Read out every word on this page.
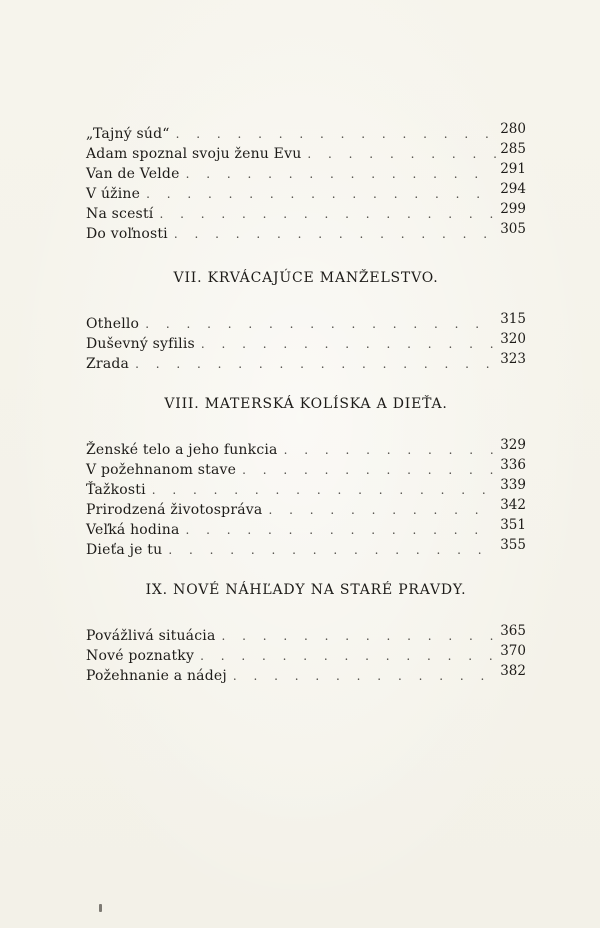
„Tajný súd“ . . .	280
Adam spoznal svoju ženu Evu . . .	285
Van de Velde . . .	291
V úžine . . .	294
Na scestí . . .	299
Do voľnosti . . .	305
VII. KRVÁCAJÚCE MANŽELSTVO.
Othello . . .	315
Duševný syfilis . . .	320
Zrada . . .	323
VIII. MATERSKÁ KOLÍSKA A DIEŤA.
Ženské telo a jeho funkcia . . .	329
V požehnanom stave . . .	336
Ťažkosti . . .	339
Prirodzená životospráva . . .	342
Veľká hodina . . .	351
Dieťa je tu . . .	355
IX. NOVÉ NÁHĽADY NA STARÉ PRAVDY.
Povážlivá situácia . . .	365
Nové poznatky . . .	370
Požehnanie a nádej . . .	382
